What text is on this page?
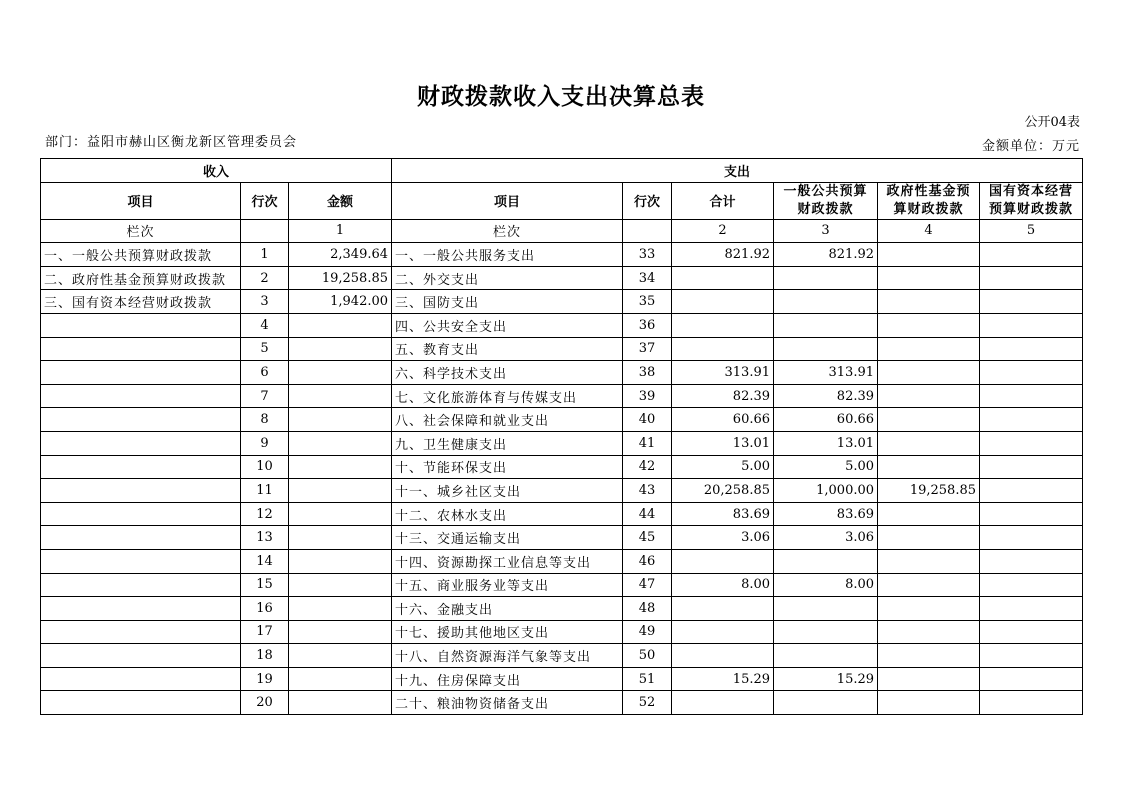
财政拨款收入支出决算总表
公开04表
部门：益阳市赫山区衡龙新区管理委员会	金额单位：万元
收入			支出					
项目	行次	金额	项目	行次	合计	一般公共预算财政拨款	政府性基金预算财政拨款	国有资本经营预算财政拨款
栏次		1	栏次		2	3	4	5
一、一般公共预算财政拨款	1	2,349.64	一、一般公共服务支出	33	821.92	821.92		
二、政府性基金预算财政拨款	2	19,258.85	二、外交支出	34				
三、国有资本经营财政拨款	3	1,942.00	三、国防支出	35				
	4		四、公共安全支出	36				
	5		五、教育支出	37				
	6		六、科学技术支出	38	313.91	313.91		
	7		七、文化旅游体育与传媒支出	39	82.39	82.39		
	8		八、社会保障和就业支出	40	60.66	60.66		
	9		九、卫生健康支出	41	13.01	13.01		
	10		十、节能环保支出	42	5.00	5.00		
	11		十一、城乡社区支出	43	20,258.85	1,000.00	19,258.85	
	12		十二、农林水支出	44	83.69	83.69		
	13		十三、交通运输支出	45	3.06	3.06		
	14		十四、资源勘探工业信息等支出	46				
	15		十五、商业服务业等支出	47	8.00	8.00		
	16		十六、金融支出	48				
	17		十七、援助其他地区支出	49				
	18		十八、自然资源海洋气象等支出	50				
	19		十九、住房保障支出	51	15.29	15.29		
	20		二十、粮油物资储备支出	52				
